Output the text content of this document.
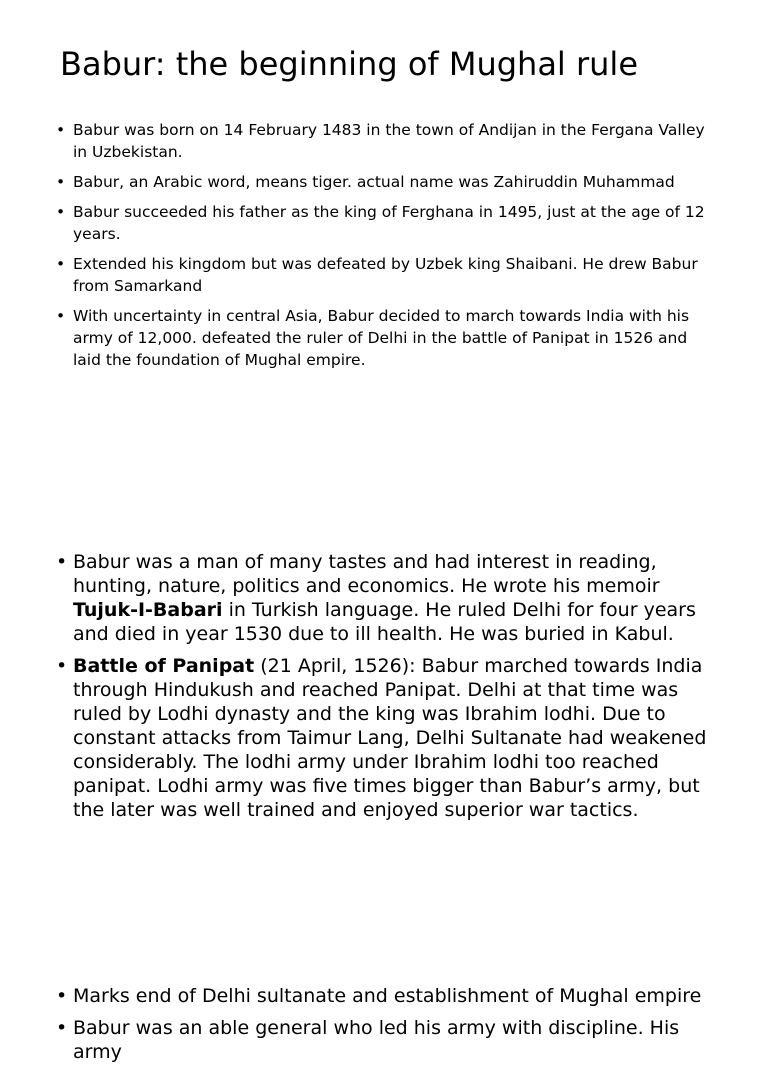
Babur: the beginning of Mughal rule
• Babur was born on 14 February 1483 in the town of Andijan in the Fergana Valley in Uzbekistan.
• Babur, an Arabic word, means tiger. actual name was Zahiruddin Muhammad
• Babur succeeded his father as the king of Ferghana in 1495, just at the age of 12 years.
• Extended his kingdom but was defeated by Uzbek king Shaibani. He drew Babur from Samarkand
• With uncertainty in central Asia, Babur decided to march towards India with his army of 12,000. defeated the ruler of Delhi in the battle of Panipat in 1526 and laid the foundation of Mughal empire.
• Babur was a man of many tastes and had interest in reading, hunting, nature, politics and economics. He wrote his memoir Tujuk-I-Babari in Turkish language. He ruled Delhi for four years and died in year 1530 due to ill health. He was buried in Kabul.
• Battle of Panipat (21 April, 1526): Babur marched towards India through Hindukush and reached Panipat. Delhi at that time was ruled by Lodhi dynasty and the king was Ibrahim lodhi. Due to constant attacks from Taimur Lang, Delhi Sultanate had weakened considerably. The lodhi army under Ibrahim lodhi too reached panipat. Lodhi army was five times bigger than Babur’s army, but the later was well trained and enjoyed superior war tactics.
• Marks end of Delhi sultanate and establishment of Mughal empire
• Babur was an able general who led his army with discipline. His army
